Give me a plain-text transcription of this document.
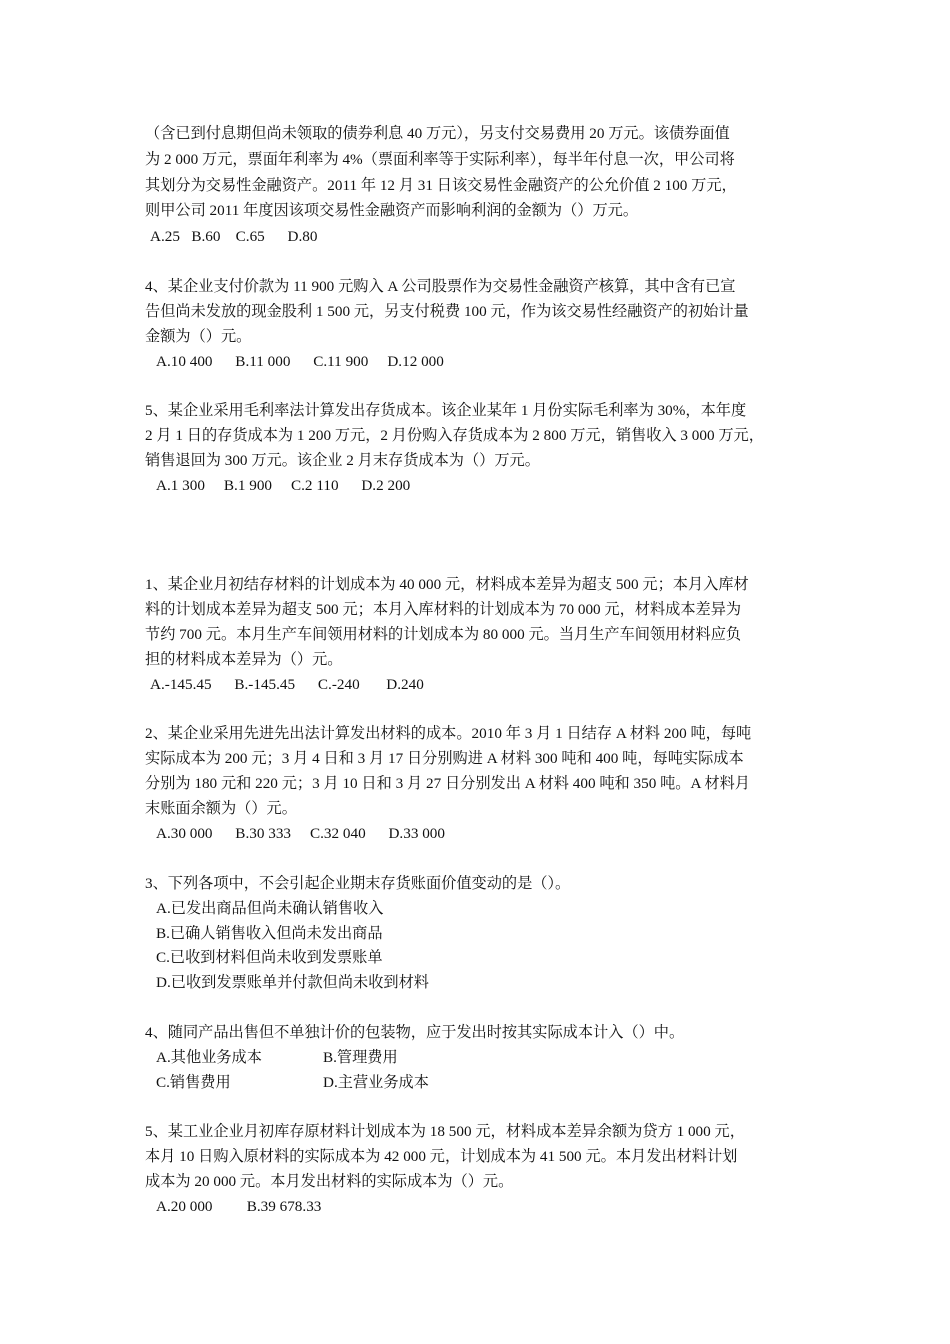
（含已到付息期但尚未领取的债券利息 40 万元），另支付交易费用 20 万元。该债券面值
为 2 000 万元，票面年利率为 4%（票面利率等于实际利率），每半年付息一次，甲公司将
其划分为交易性金融资产。2011 年 12 月 31 日该交易性金融资产的公允价值 2 100 万元，
则甲公司 2011 年度因该项交易性金融资产而影响利润的金额为（）万元。
A.25   B.60    C.65      D.80
4、某企业支付价款为 11 900 元购入 A 公司股票作为交易性金融资产核算，其中含有已宣
告但尚未发放的现金股利 1 500 元，另支付税费 100 元，作为该交易性经融资产的初始计量
金额为（）元。
A.10 400      B.11 000      C.11 900     D.12 000
5、某企业采用毛利率法计算发出存货成本。该企业某年 1 月份实际毛利率为 30%，本年度
2 月 1 日的存货成本为 1 200 万元，2 月份购入存货成本为 2 800 万元，销售收入 3 000 万元，
销售退回为 300 万元。该企业 2 月末存货成本为（）万元。
A.1 300     B.1 900     C.2 110      D.2 200
1、某企业月初结存材料的计划成本为 40 000 元，材料成本差异为超支 500 元；本月入库材
料的计划成本差异为超支 500 元；本月入库材料的计划成本为 70 000 元，材料成本差异为
节约 700 元。本月生产车间领用材料的计划成本为 80 000 元。当月生产车间领用材料应负
担的材料成本差异为（）元。
A.-145.45      B.-145.45      C.-240       D.240
2、某企业采用先进先出法计算发出材料的成本。2010 年 3 月 1 日结存 A 材料 200 吨，每吨
实际成本为 200 元；3 月 4 日和 3 月 17 日分别购进 A 材料 300 吨和 400 吨，每吨实际成本
分别为 180 元和 220 元；3 月 10 日和 3 月 27 日分别发出 A 材料 400 吨和 350 吨。A 材料月
末账面余额为（）元。
A.30 000      B.30 333     C.32 040      D.33 000
3、下列各项中，不会引起企业期末存货账面价值变动的是（）。
A.已发出商品但尚未确认销售收入
B.已确人销售收入但尚未发出商品
C.已收到材料但尚未收到发票账单
D.已收到发票账单并付款但尚未收到材料
4、随同产品出售但不单独计价的包装物，应于发出时按其实际成本计入（）中。
A.其他业务成本	B.管理费用
C.销售费用	D.主营业务成本
5、某工业企业月初库存原材料计划成本为 18 500 元，材料成本差异余额为贷方 1 000 元，
本月 10 日购入原材料的实际成本为 42 000 元，计划成本为 41 500 元。本月发出材料计划
成本为 20 000 元。本月发出材料的实际成本为（）元。
A.20 000         B.39 678.33
